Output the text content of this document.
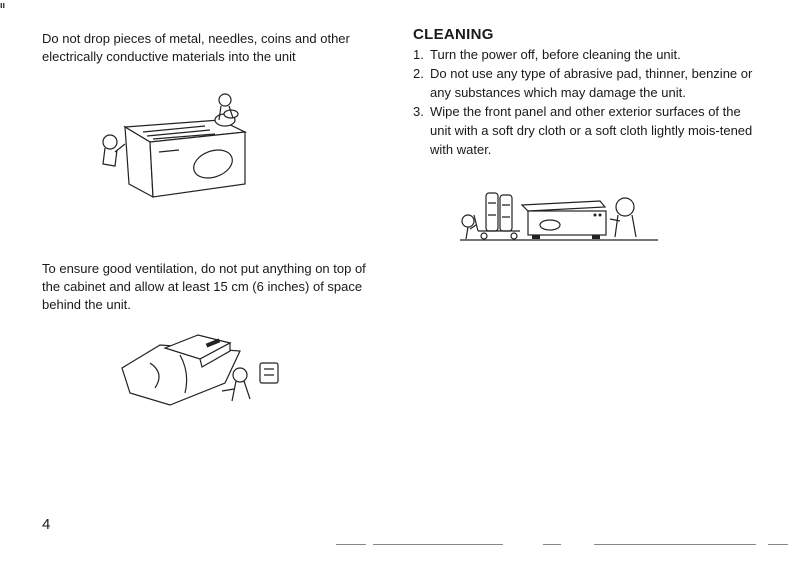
ıı

Do not drop pieces of metal, needles, coins and other electrically conductive materials into the unit

To ensure good ventilation, do not put anything on top of the cabinet and allow at least 15 cm (6 inches) of space behind the unit.

CLEANING
1. Turn the power off, before cleaning the unit.
2. Do not use any type of abrasive pad, thinner, benzine or any substances which may damage the unit.
3. Wipe the front panel and other exterior surfaces of the unit with a soft dry cloth or a soft cloth lightly mois-tened with water.
4
